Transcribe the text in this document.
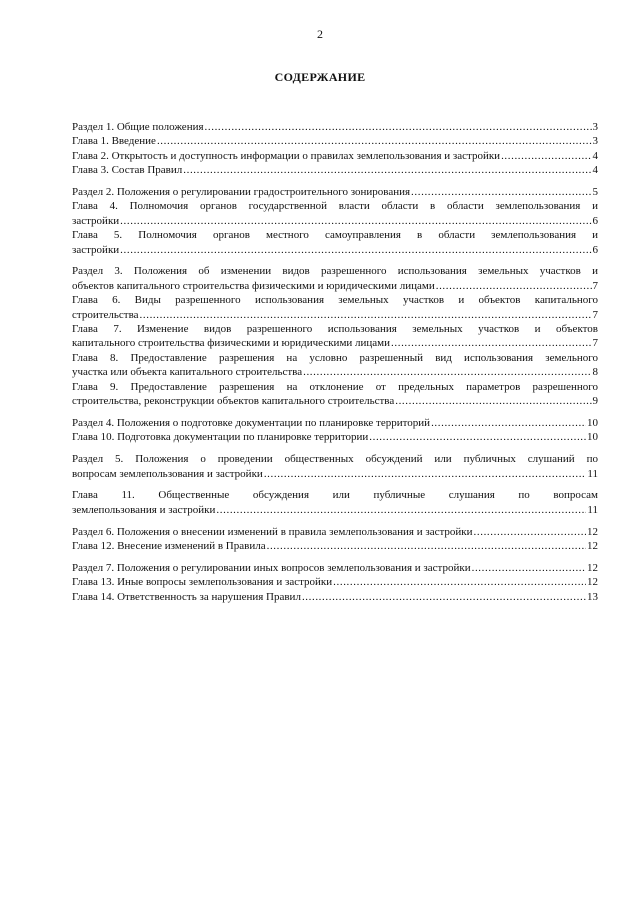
2
СОДЕРЖАНИЕ
Раздел 1. Общие положения .....	3
Глава 1. Введение .....	3
Глава 2. Открытость и доступность информации о правилах землепользования и застройки .....	4
Глава 3. Состав Правил .....	4
Раздел 2. Положения о регулировании градостроительного зонирования .....	5
Глава 4. Полномочия органов государственной власти области в области землепользования и
застройки .....	6
Глава 5. Полномочия органов местного самоуправления в области землепользования и
застройки .....	6
Раздел 3. Положения об изменении видов разрешенного использования земельных участков и
объектов капитального строительства физическими и юридическими лицами .....	7
Глава 6. Виды разрешенного использования земельных участков и объектов капитального
строительства .....	7
Глава 7. Изменение видов разрешенного использования земельных участков и объектов
капитального строительства физическими и юридическими лицами .....	7
Глава 8. Предоставление разрешения на условно разрешенный вид использования земельного
участка или объекта капитального строительства .....	8
Глава 9. Предоставление разрешения на отклонение от предельных параметров разрешенного
строительства, реконструкции объектов капитального строительства .....	9
Раздел 4. Положения о подготовке документации по планировке территорий .....	10
Глава 10. Подготовка документации по планировке территории .....	10
Раздел 5. Положения о проведении общественных обсуждений или публичных слушаний по
вопросам землепользования и застройки .....	11
Глава 11. Общественные обсуждения или публичные слушания по вопросам
землепользования и застройки .....	11
Раздел 6. Положения о внесении изменений в правила землепользования и застройки .....	12
Глава 12. Внесение изменений в Правила .....	12
Раздел 7. Положения о регулировании иных вопросов землепользования и застройки .....	12
Глава 13. Иные вопросы землепользования и застройки .....	12
Глава 14. Ответственность за нарушения Правил .....	13
